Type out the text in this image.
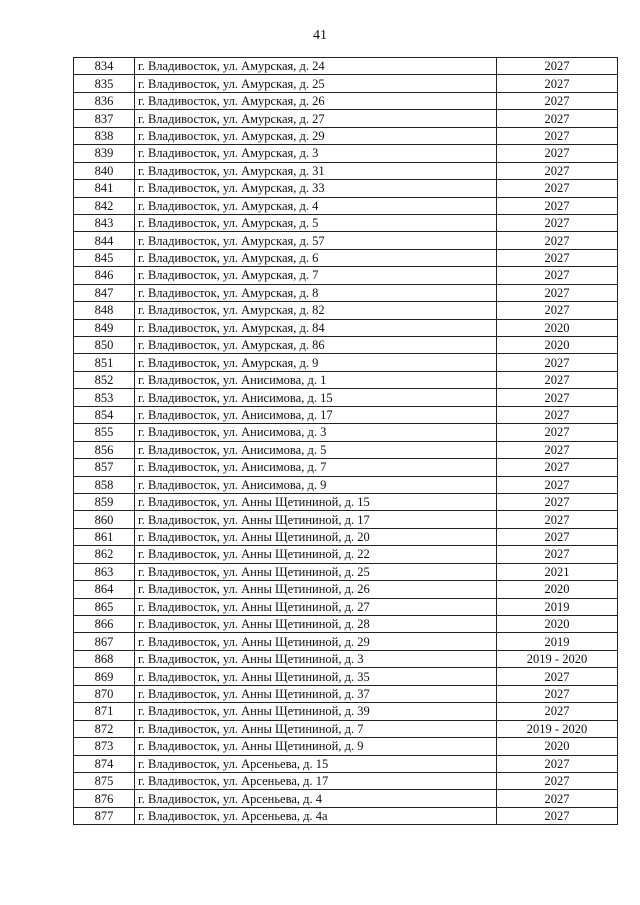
41
834	г. Владивосток, ул. Амурская, д. 24	2027
835	г. Владивосток, ул. Амурская, д. 25	2027
836	г. Владивосток, ул. Амурская, д. 26	2027
837	г. Владивосток, ул. Амурская, д. 27	2027
838	г. Владивосток, ул. Амурская, д. 29	2027
839	г. Владивосток, ул. Амурская, д. 3	2027
840	г. Владивосток, ул. Амурская, д. 31	2027
841	г. Владивосток, ул. Амурская, д. 33	2027
842	г. Владивосток, ул. Амурская, д. 4	2027
843	г. Владивосток, ул. Амурская, д. 5	2027
844	г. Владивосток, ул. Амурская, д. 57	2027
845	г. Владивосток, ул. Амурская, д. 6	2027
846	г. Владивосток, ул. Амурская, д. 7	2027
847	г. Владивосток, ул. Амурская, д. 8	2027
848	г. Владивосток, ул. Амурская, д. 82	2027
849	г. Владивосток, ул. Амурская, д. 84	2020
850	г. Владивосток, ул. Амурская, д. 86	2020
851	г. Владивосток, ул. Амурская, д. 9	2027
852	г. Владивосток, ул. Анисимова, д. 1	2027
853	г. Владивосток, ул. Анисимова, д. 15	2027
854	г. Владивосток, ул. Анисимова, д. 17	2027
855	г. Владивосток, ул. Анисимова, д. 3	2027
856	г. Владивосток, ул. Анисимова, д. 5	2027
857	г. Владивосток, ул. Анисимова, д. 7	2027
858	г. Владивосток, ул. Анисимова, д. 9	2027
859	г. Владивосток, ул. Анны Щетининой, д. 15	2027
860	г. Владивосток, ул. Анны Щетининой, д. 17	2027
861	г. Владивосток, ул. Анны Щетининой, д. 20	2027
862	г. Владивосток, ул. Анны Щетининой, д. 22	2027
863	г. Владивосток, ул. Анны Щетининой, д. 25	2021
864	г. Владивосток, ул. Анны Щетининой, д. 26	2020
865	г. Владивосток, ул. Анны Щетининой, д. 27	2019
866	г. Владивосток, ул. Анны Щетининой, д. 28	2020
867	г. Владивосток, ул. Анны Щетининой, д. 29	2019
868	г. Владивосток, ул. Анны Щетининой, д. 3	2019 - 2020
869	г. Владивосток, ул. Анны Щетининой, д. 35	2027
870	г. Владивосток, ул. Анны Щетининой, д. 37	2027
871	г. Владивосток, ул. Анны Щетининой, д. 39	2027
872	г. Владивосток, ул. Анны Щетининой, д. 7	2019 - 2020
873	г. Владивосток, ул. Анны Щетининой, д. 9	2020
874	г. Владивосток, ул. Арсеньева, д. 15	2027
875	г. Владивосток, ул. Арсеньева, д. 17	2027
876	г. Владивосток, ул. Арсеньева, д. 4	2027
877	г. Владивосток, ул. Арсеньева, д. 4а	2027
